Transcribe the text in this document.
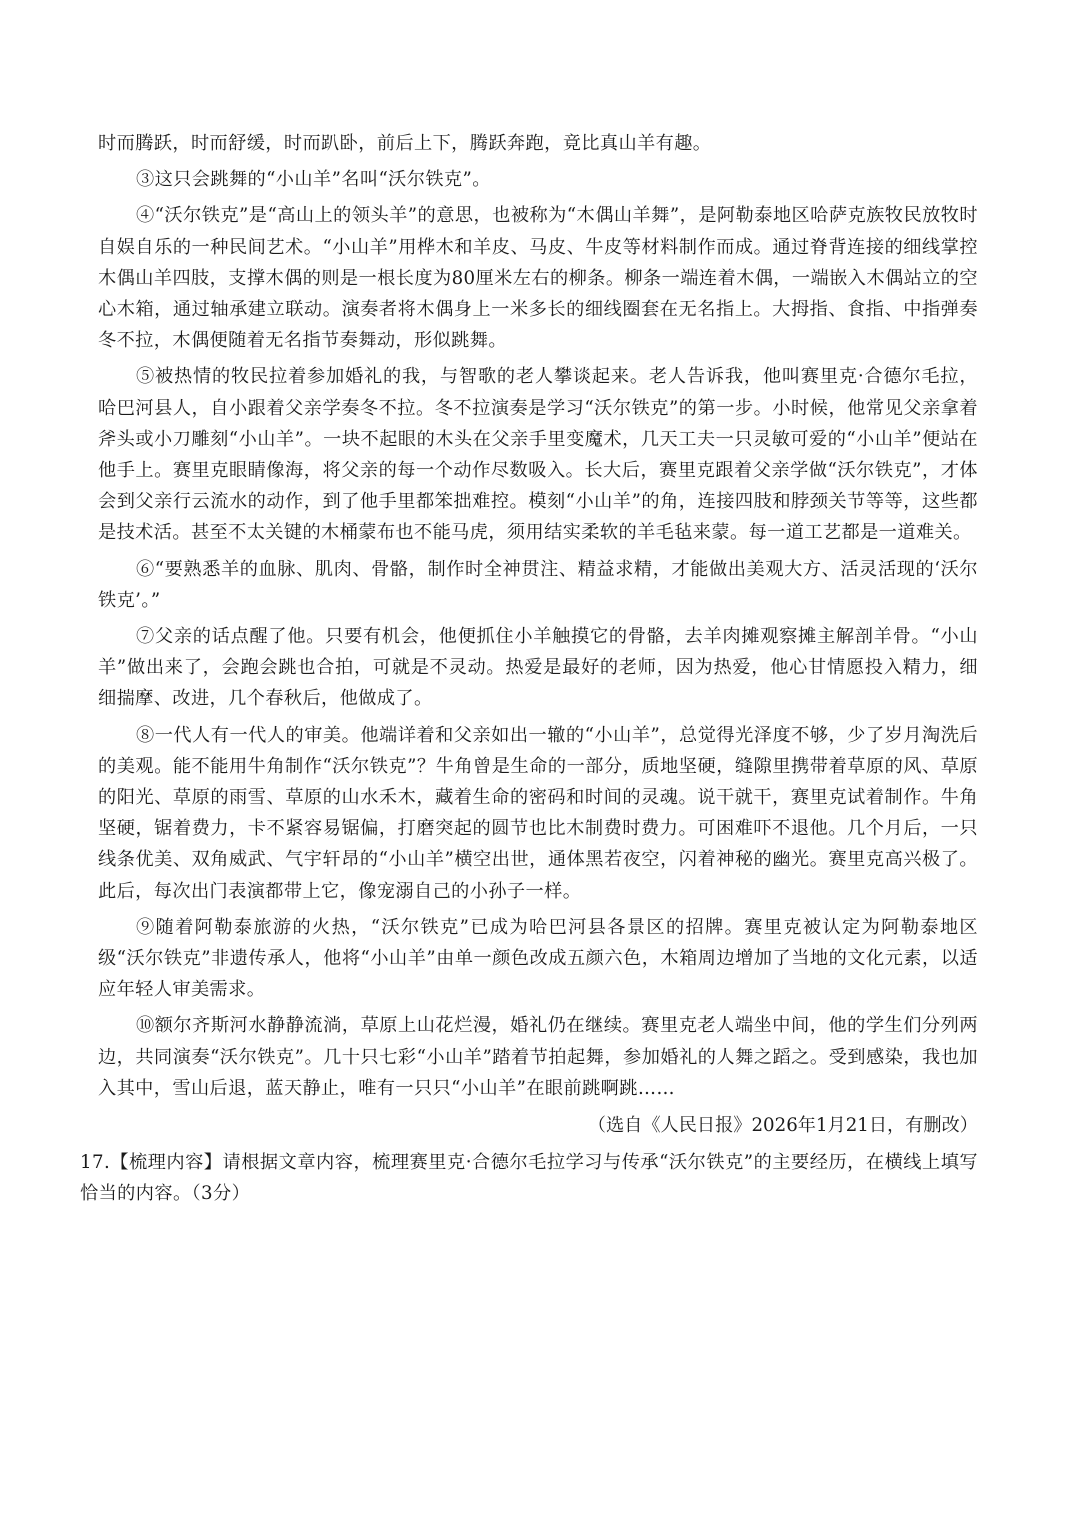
时而腾跃，时而舒缓，时而趴卧，前后上下，腾跃奔跑，竟比真山羊有趣。

③这只会跳舞的“小山羊”名叫“沃尔铁克”。

④“沃尔铁克”是“高山上的领头羊”的意思，也被称为“木偶山羊舞”，是阿勒泰地区哈萨克族牧民放牧时自娱自乐的一种民间艺术。“小山羊”用桦木和羊皮、马皮、牛皮等材料制作而成。通过脊背连接的细线掌控木偶山羊四肢，支撑木偶的则是一根长度为80厘米左右的柳条。柳条一端连着木偶，一端嵌入木偶站立的空心木箱，通过轴承建立联动。演奏者将木偶身上一米多长的细线圈套在无名指上。大拇指、食指、中指弹奏冬不拉，木偶便随着无名指节奏舞动，形似跳舞。

⑤被热情的牧民拉着参加婚礼的我，与智歌的老人攀谈起来。老人告诉我，他叫赛里克·合德尔毛拉，哈巴河县人，自小跟着父亲学奏冬不拉。冬不拉演奏是学习“沃尔铁克”的第一步。小时候，他常见父亲拿着斧头或小刀雕刻“小山羊”。一块不起眼的木头在父亲手里变魔术，几天工夫一只灵敏可爱的“小山羊”便站在他手上。赛里克眼睛像海，将父亲的每一个动作尽数吸入。长大后，赛里克跟着父亲学做“沃尔铁克”，才体会到父亲行云流水的动作，到了他手里都笨拙难控。模刻“小山羊”的角，连接四肢和脖颈关节等等，这些都是技术活。甚至不太关键的木桶蒙布也不能马虎，须用结实柔软的羊毛毡来蒙。每一道工艺都是一道难关。

⑥“要熟悉羊的血脉、肌肉、骨骼，制作时全神贯注、精益求精，才能做出美观大方、活灵活现的‘沃尔铁克’。”

⑦父亲的话点醒了他。只要有机会，他便抓住小羊触摸它的骨骼，去羊肉摊观察摊主解剖羊骨。“小山羊”做出来了，会跑会跳也合拍，可就是不灵动。热爱是最好的老师，因为热爱，他心甘情愿投入精力，细细揣摩、改进，几个春秋后，他做成了。

⑧一代人有一代人的审美。他端详着和父亲如出一辙的“小山羊”，总觉得光泽度不够，少了岁月淘洗后的美观。能不能用牛角制作“沃尔铁克”？牛角曾是生命的一部分，质地坚硬，缝隙里携带着草原的风、草原的阳光、草原的雨雪、草原的山水禾木，藏着生命的密码和时间的灵魂。说干就干，赛里克试着制作。牛角坚硬，锯着费力，卡不紧容易锯偏，打磨突起的圆节也比木制费时费力。可困难吓不退他。几个月后，一只线条优美、双角威武、气宇轩昂的“小山羊”横空出世，通体黑若夜空，闪着神秘的幽光。赛里克高兴极了。此后，每次出门表演都带上它，像宠溺自己的小孙子一样。

⑨随着阿勒泰旅游的火热，“沃尔铁克”已成为哈巴河县各景区的招牌。赛里克被认定为阿勒泰地区级“沃尔铁克”非遗传承人，他将“小山羊”由单一颜色改成五颜六色，木箱周边增加了当地的文化元素，以适应年轻人审美需求。

⑩额尔齐斯河水静静流淌，草原上山花烂漫，婚礼仍在继续。赛里克老人端坐中间，他的学生们分列两边，共同演奏“沃尔铁克”。几十只七彩“小山羊”踏着节拍起舞，参加婚礼的人舞之蹈之。受到感染，我也加入其中，雪山后退，蓝天静止，唯有一只只“小山羊”在眼前跳啊跳……

（选自《人民日报》2026年1月21日，有删改）

17.【梳理内容】请根据文章内容，梳理赛里克·合德尔毛拉学习与传承“沃尔铁克”的主要经历，在横线上填写恰当的内容。（3分）
